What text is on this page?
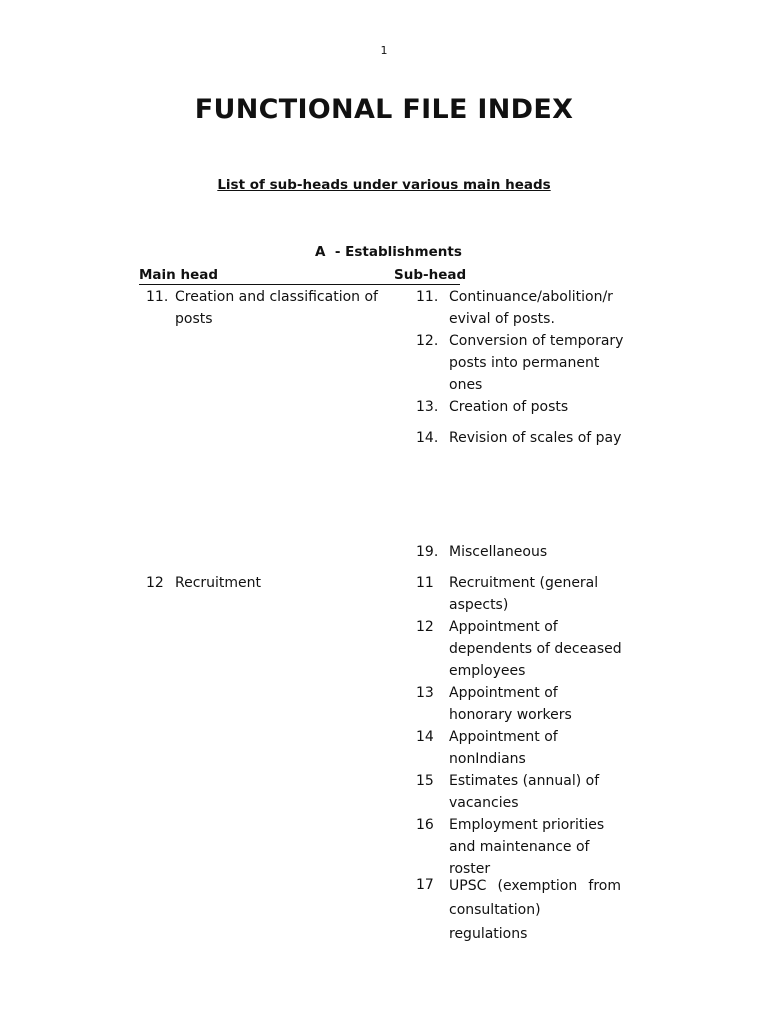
1
FUNCTIONAL FILE INDEX
List of sub-heads under various main heads
A - Establishments
Main head	Sub-head
11. Creation and classification of posts
11. Continuance/abolition/revival of posts.
12. Conversion of temporary posts into permanent ones
13. Creation of posts
14. Revision of scales of pay
19. Miscellaneous
12 Recruitment	11 Recruitment (general aspects)
12 Appointment of dependents of deceased employees
13 Appointment of honorary workers
14 Appointment of nonIndians
15 Estimates (annual) of vacancies
16 Employment priorities and maintenance of roster
17 UPSC (exemption from consultation) regulations
